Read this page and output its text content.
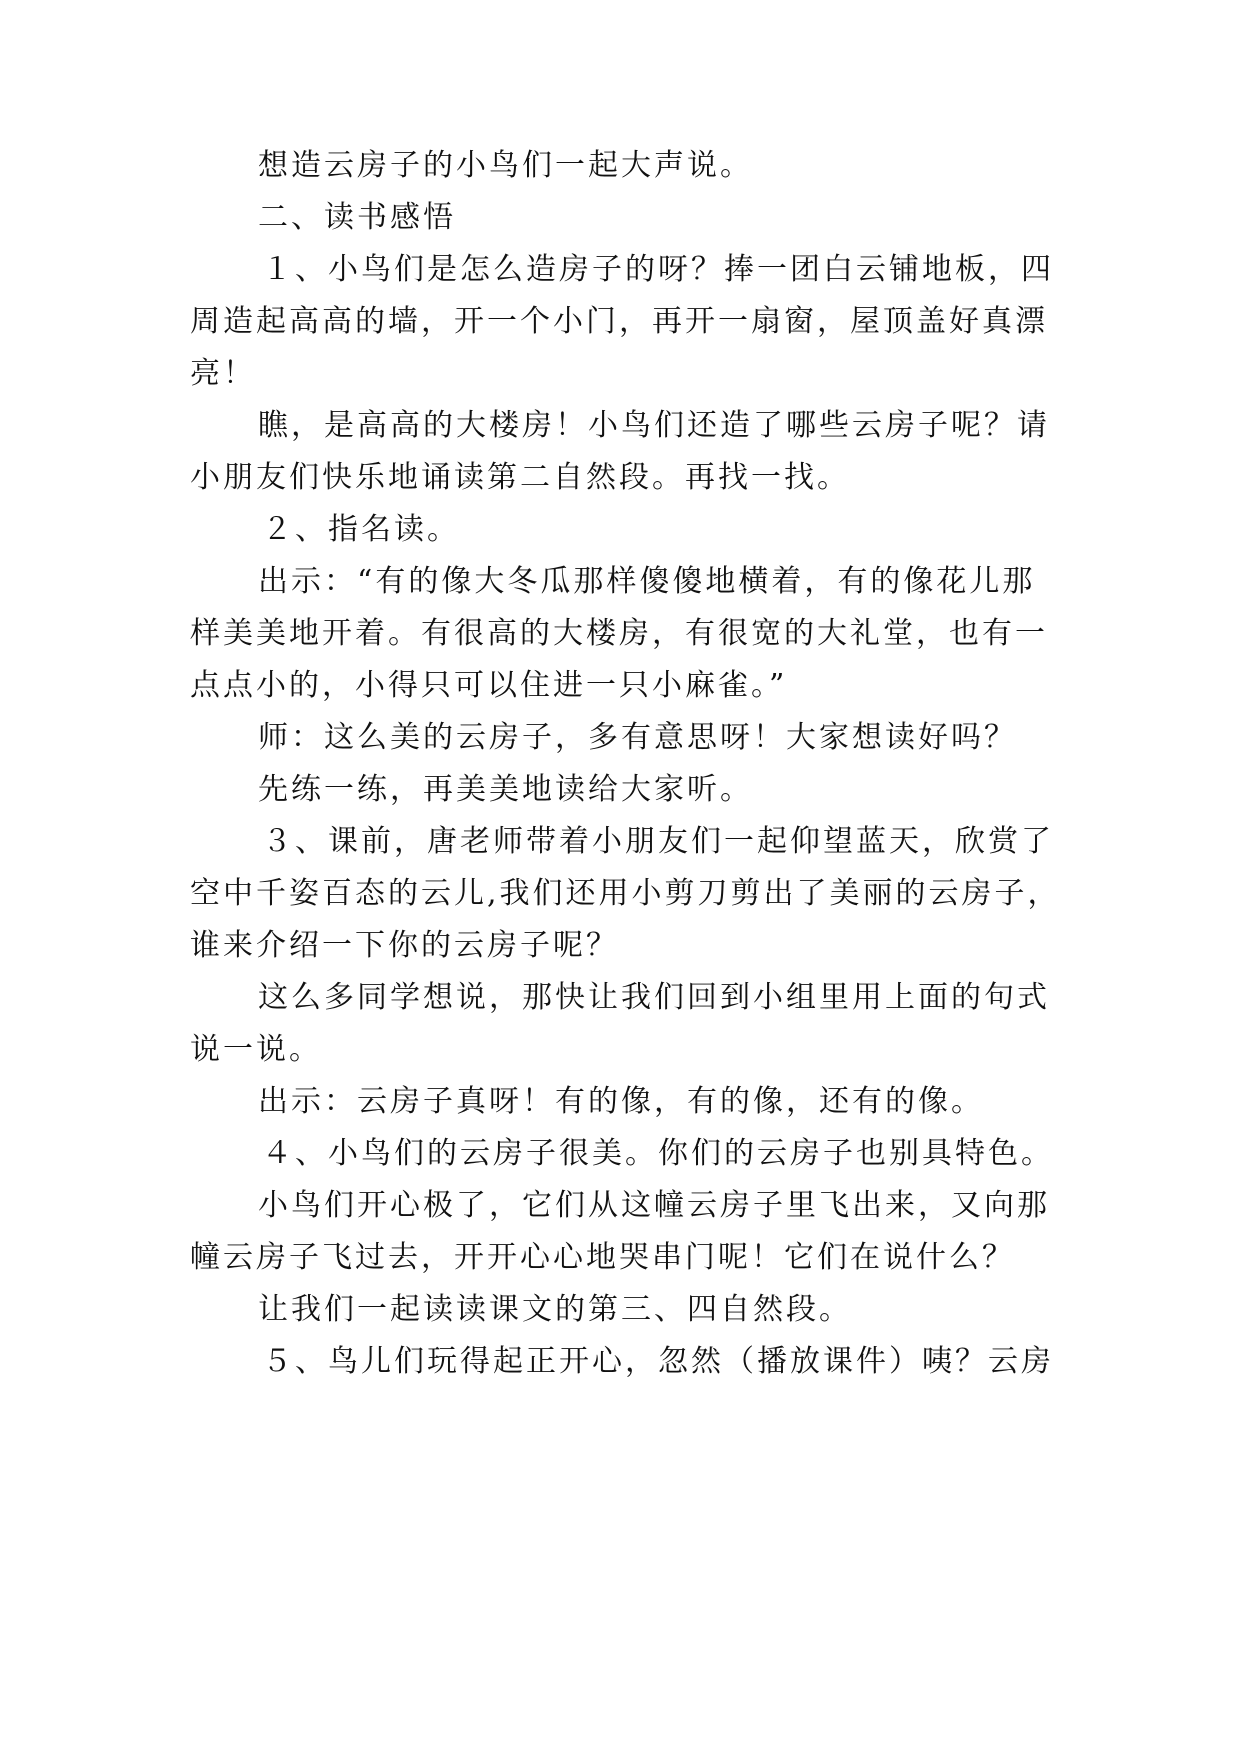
想造云房子的小鸟们一起大声说。
二、读书感悟
１、小鸟们是怎么造房子的呀？捧一团白云铺地板，四
周造起高高的墙，开一个小门，再开一扇窗，屋顶盖好真漂
亮！
瞧，是高高的大楼房！小鸟们还造了哪些云房子呢？请
小朋友们快乐地诵读第二自然段。再找一找。
２、指名读。
出示：“有的像大冬瓜那样傻傻地横着，有的像花儿那
样美美地开着。有很高的大楼房，有很宽的大礼堂，也有一
点点小的，小得只可以住进一只小麻雀。”
师：这么美的云房子，多有意思呀！大家想读好吗？
先练一练，再美美地读给大家听。
３、课前，唐老师带着小朋友们一起仰望蓝天，欣赏了
空中千姿百态的云儿,我们还用小剪刀剪出了美丽的云房子，
谁来介绍一下你的云房子呢？
这么多同学想说，那快让我们回到小组里用上面的句式
说一说。
出示：云房子真呀！有的像，有的像，还有的像。
４、小鸟们的云房子很美。你们的云房子也别具特色。
小鸟们开心极了，它们从这幢云房子里飞出来，又向那
幢云房子飞过去，开开心心地哭串门呢！它们在说什么？
让我们一起读读课文的第三、四自然段。
５、鸟儿们玩得起正开心，忽然（播放课件）咦？云房
